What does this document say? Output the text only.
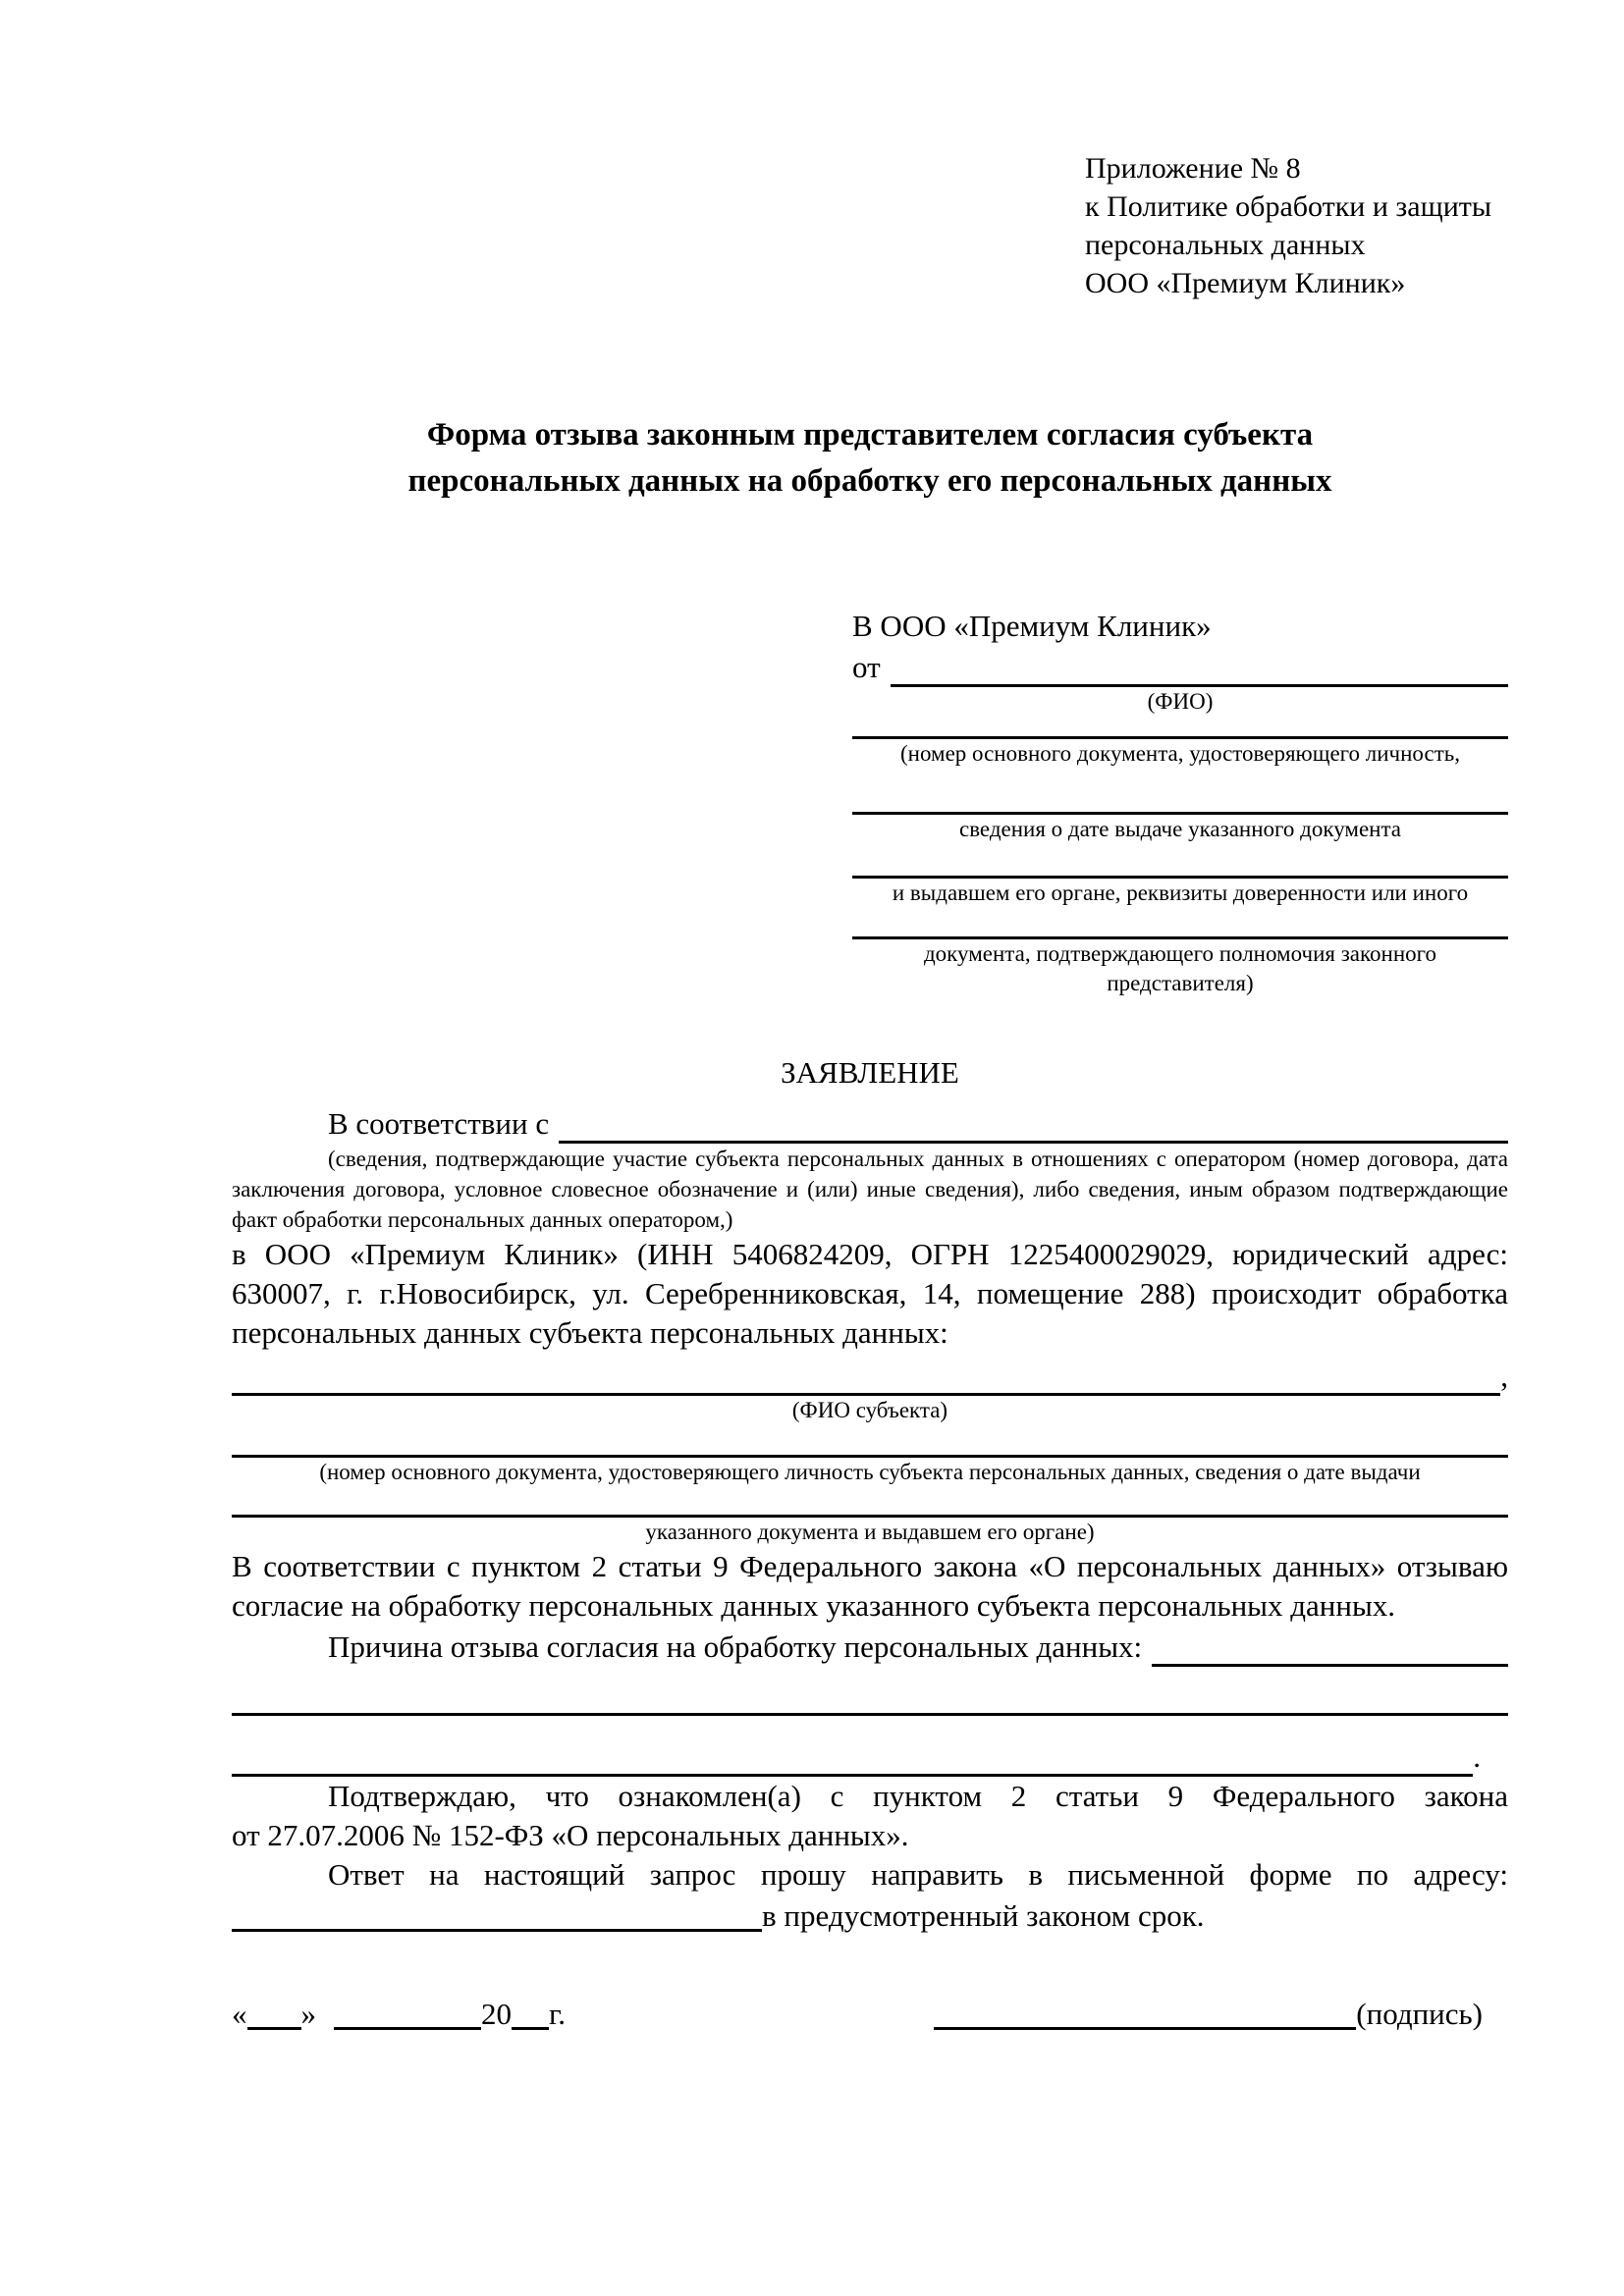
Приложение № 8
к Политике обработки и защиты
персональных данных
ООО «Премиум Клиник»
Форма отзыва законным представителем согласия субъекта
персональных данных на обработку его персональных данных
В ООО «Премиум Клиник»
от
(ФИО)
(номер основного документа, удостоверяющего личность,
сведения о дате выдаче указанного документа
и выдавшем его органе, реквизиты доверенности или иного
документа, подтверждающего полномочия законного представителя)
ЗАЯВЛЕНИЕ
В соответствии с
(сведения, подтверждающие участие субъекта персональных данных в отношениях с оператором (номер договора, дата заключения договора, условное словесное обозначение и (или) иные сведения), либо сведения, иным образом подтверждающие факт обработки персональных данных оператором,)

в ООО «Премиум Клиник» (ИНН 5406824209, ОГРН 1225400029029, юридический адрес: 630007, г. г.Новосибирск, ул. Серебренниковская, 14, помещение 288) происходит обработка персональных данных субъекта персональных данных:

,
(ФИО субъекта)
(номер основного документа, удостоверяющего личность субъекта персональных данных, сведения о дате выдачи
указанного документа и выдавшем его органе)

В соответствии с пунктом 2 статьи 9 Федерального закона «О персональных данных» отзываю согласие на обработку персональных данных указанного субъекта персональных данных.

Причина отзыва согласия на обработку персональных данных:
.
Подтверждаю, что ознакомлен(а) с пунктом 2 статьи 9 Федерального закона
от 27.07.2006 № 152-ФЗ «О персональных данных».
Ответ на настоящий запрос прошу направить в письменной форме по адресу:
в предусмотренный законом срок.
« »	20 г.	(подпись)
